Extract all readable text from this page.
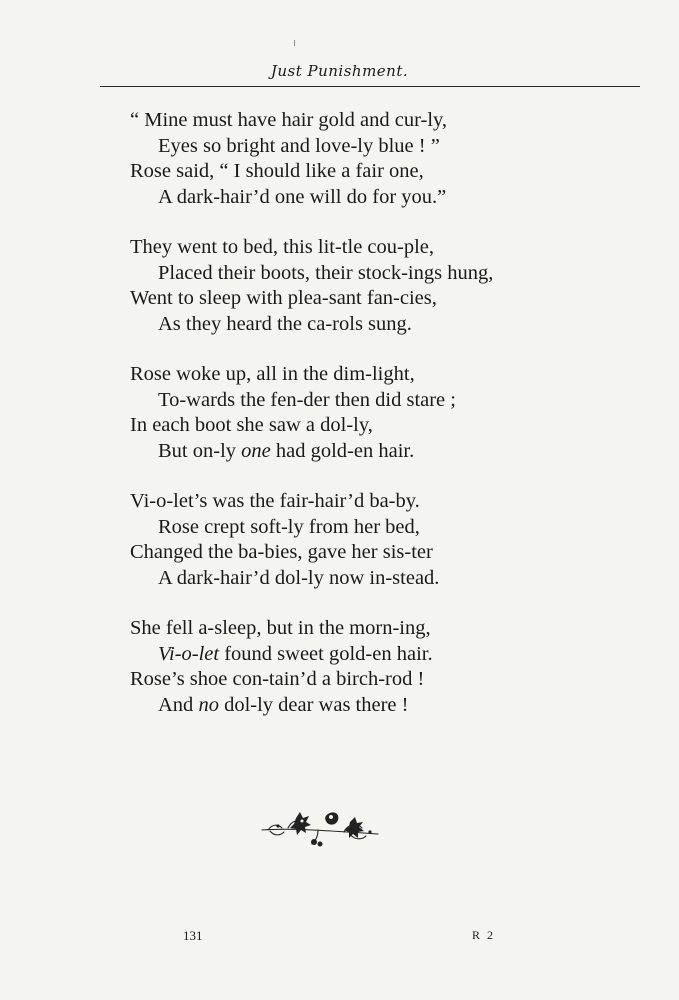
Just Punishment.
“ Mine must have hair gold and cur-ly,
Eyes so bright and love-ly blue ! ”
Rose said, “ I should like a fair one,
A dark-hair’d one will do for you.”
They went to bed, this lit-tle cou-ple,
Placed their boots, their stock-ings hung,
Went to sleep with plea-sant fan-cies,
As they heard the ca-rols sung.
Rose woke up, all in the dim-light,
To-wards the fen-der then did stare ;
In each boot she saw a dol-ly,
But on-ly one had gold-en hair.
Vi-o-let’s was the fair-hair’d ba-by.
Rose crept soft-ly from her bed,
Changed the ba-bies, gave her sis-ter
A dark-hair’d dol-ly now in-stead.
She fell a-sleep, but in the morn-ing,
Vi-o-let found sweet gold-en hair.
Rose’s shoe con-tain’d a birch-rod !
And no dol-ly dear was there !
131	R 2
